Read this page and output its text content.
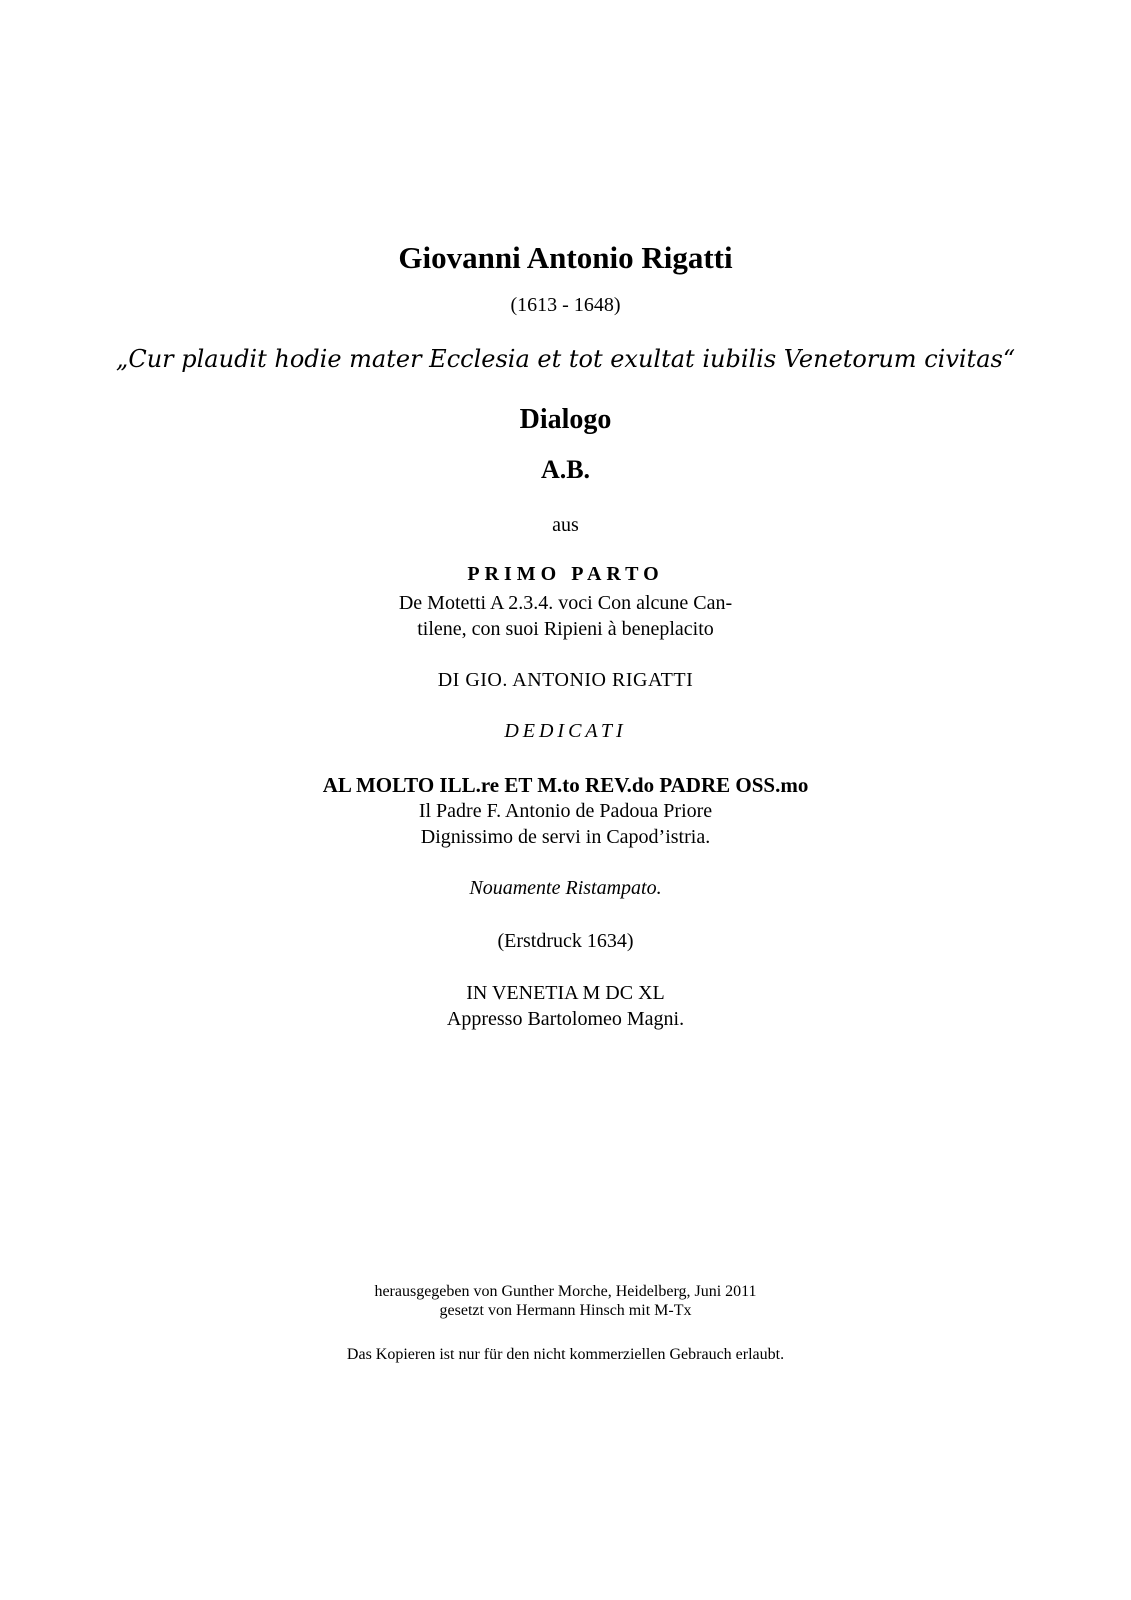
Giovanni Antonio Rigatti
(1613 - 1648)
„Cur plaudit hodie mater Ecclesia et tot exultat iubilis Venetorum civitas“
Dialogo
A.B.
aus
PRIMO PARTO
De Motetti A 2.3.4. voci Con alcune Can-
tilene, con suoi Ripieni à beneplacito
DI GIO. ANTONIO RIGATTI
DEDICATI
AL MOLTO ILL.re ET M.to REV.do PADRE OSS.mo
Il Padre F. Antonio de Padoua Priore
Dignissimo de servi in Capod’istria.
Nouamente Ristampato.
(Erstdruck 1634)
IN VENETIA M DC XL
Appresso Bartolomeo Magni.
herausgegeben von Gunther Morche, Heidelberg, Juni 2011
gesetzt von Hermann Hinsch mit M-Tx
Das Kopieren ist nur für den nicht kommerziellen Gebrauch erlaubt.
